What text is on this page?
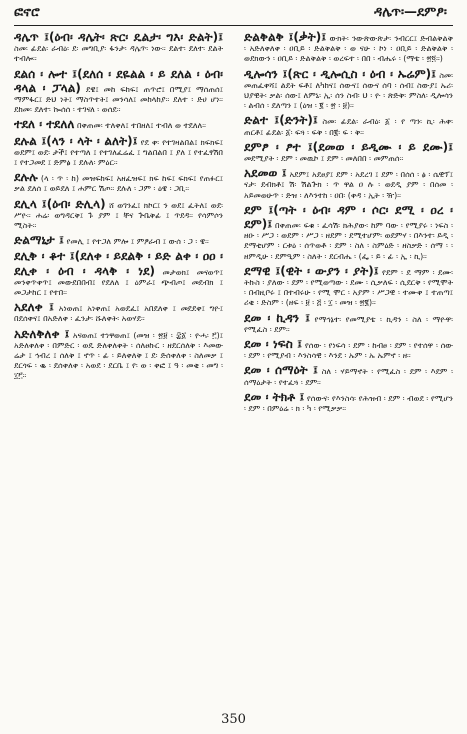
ፎኖሮ	ዳሌጥ፡—ደምፆ፡

ዳሌጥ ፤(ዕብ፡ ዳሌት፡ ጽር፡ ዴልታ፡ ግእ፡ ድልት)፤ ስመ፡ ፊደል፡ ራብዕ፡ ደ፡ መግቢያ፡ ፋንታ፡ ዳሌጥ፡ ነው። ደልተ፡ ደለተ፡ ደልት ተብሎ።

ደልሰ ፡ ሎተ ፤(ደለሰ ፡ ደዬልል ፡ ይ ደለል ፡ ዕብ፡ ዳላል ፡ ፓላል) ደዌ፤ መከ ፍከፍ፤ ጠጥሮ፤ በሚያ፤ ማሰጠሰ፤ ማምፋር፤ ድህ ነት፤ ማስጥተት፤ መንሳለ፤ መከላከያ። ደለተ ፡ ድሀ ሆነ። ደከመ፡ ደለተ፡ ኰሰሰ ፡ ተገናለ ፡ ወሰደ።

ተደለ ፡ ተደለለ በቀጠመ፡ ተለቀለ፤ ተበዘለ፤ ተብለ ወ ተደለለ።

ደሉል ፤(ላን ፡ ላት ፡ ልለት)፤ የደ ቀ፡ የተገዛልበል፤ ክፍክፍ፤ ወደም፤ ወደ፡ ታች፤ የተጣለ ፤ የተገለፈሬፈ ፤ ግልበልበ ፤ ያለ ፤ የተፈፃሽበ ፤ የተጋመደ ፤ ድምፅ ፤ ደሉለ፡ ምዕር።

ደሉሉ (ላ ፡ ጥ ፡ ከ) መዝፍከፍ፤ አዘፈዝፍ፤ ክፍ ከፍ፤ ፍክፍ፤ የጠፉር፤ ቃል ደለሰ ፤ ወይደለ ፤ ሐምር ሽጦ። ደሉለ ፡ ጋም ፡ ዕዌ ፡ ጋቢ።

ደሊላ ፤(ዕብ፡ ድሊላ) ሸ ወገንፈ፤ ክኮር፤ ን ወደ፤ ፈትለ፤ ወደ፡ ሥዮ። ሐሬ፡ ወግዳርቅ፤ ጉ ያም ፤ ቸና ጕቤቅፊ ፤ ጥደዳ። የሳምሶን ሚስት።

ድልማኒታ ፤ የመሊ ፤ የተጋለ ምሎ ፤ ምፆራብ ፤ ውሰ ፡ ጋ ፡ ዌ።

ደሊቅ ፡ ቆተ ፤(ደለቀ ፡ ይደልቅ ፡ ይድ ልቀ ፡ ዐዐ ፡ ደሊቀ ፡ ዕብ ፡ ዳላቅ ፡ ነደ) መታወክ፤ መናወጥ፤ መንቀጥቀጥ፤ መውደበበብ፤ የደለለ ፤ ዕምራ፤ ጭብጦ፤ መደብክ ፤ መጋታከር ፤ የተበ።

አደለቀ ፤ አነወጠ፤ አነቀጠ፤ አወደፈ፤ አበደለቀ ፤ መደደቀ፤ ግዮ፤ በደሰቀና፤ በአድለቀ ፡ ፈንታ፡ ሹለቀት፡ አወሃደ።

አድለቅለቀ ፤ አናወጠ፤ ተነዋወጠ፤ (መዝ ፡ ፳፱ ፡ ፰፩ ፡ ዮሓ፡ ፫)፤ አድለቀለቀ ፡ በምድር ፡ ወዴ ድለቀለቀት ፡ ሰለፀኩር ፡ ዘደርሰለቅ ፡ እመው ሬታ ፤ ኅብረ ፤ ሰለቅ ፤ ኖጥ ፡ ፊ ፡ ይለቀለቅ ፤ ደ፡ ድሰቀለቀ ፡ ስለመቃ ፤ ደርጎፍ ፡ ቈ ፡ ደሰቀለቀ ፡ አወደ ፡ ደርቤ ፤ የ፡ ወ ፡ ቀፎ ፤ ዓ ፡ መቂ ፡ መግ ፡ ፲፫።

ድልቅልቅ ፤(ቃት)፤ ውክት፡ ንውጽውጽታ፡ ንብርር፤ ድብልቅልቅ ፡ አድለቀለቀ ፡ ዐቢይ ፡ ድልቅልቅ ፡ ወ ናሁ ፡ ኮነ ፡ ዐቢይ ፡ ድልቅልቅ ፡ ወደክውን ፡ ዐቢይ ፡ ድልቅልቅ ፡ ወረፍተ ፡ በበ ፡ ብሔሩ ፡ (ማቴ ፡ ፳፬።)

ዲሎሳን ፤(ጽር ፡ ዲሎሲስ ፡ ዕብ ፡ ኡሬም)፤ ስመ፡ መጠፈቀሻ፤ ልደት ፍቶ፤ ለካከና፤ ሰውና፤ ሰውና ሰባ ፡ ሰብ፤ ስውያ፤ ኡሪ፡ ህያዊት፡ ቃል፡ ሰው፤ ለምኒ፡ ኢ፡ ሰን ስብ፡ ህ ፡ ዮ ፡ ጽድቅ፡ ምስለ፡ ዲሎሳን ፡ ልብሰ ፡ ደለጣን ፤ (ዕዝ ፡ ፪ ፡ ፳ ፡ ፱)።

ድልተ ፤(ድንት)፤ ስመ፡ ፊደል፡ ራብዕ፡ ፩ ፡ የ ጣን፡ ኪ፡ ሕቀ፡ ጠርቶ፤ ፊደል፡ ፩፡ ፍጓ ፡ ፍቅ ፡ በ፪፡ ፍ ፡ ቅ።

ደምፆ ፡ ፆተ ፤(ደመወ ፡ ይዲሙ ፡ ይ ደሙ)፤ መደሚያት ፡ ደም ፡ መዉኮ ፤ ደም ፡ መለበበ ፡ መምጠሰ።

አደመወ ፤ አደም፤ አደፀያ፤ ደም ፡ አደረገ ፤ ደም ፡ በሰሰ ፡ ፅ ፡ ሴዊፕ፤ ናታ፡ ደብክቶ፤ ሽ፡ ሽልጕክ ፡ ጥ ዋል ዐ ሉ ፡ ወደዲ ያም ፡ በሰመ ፡ አይመወሁጥ ፡ ድዝ ፡ ለእንተከ ፡ ዐበ፡ (ቀዳ ፡ ኢት ፡ ዥ)።

ደም ፤(ጣት ፡ ዕብ፡ ዳም ፡ ሶር፡ ደሚ ፡ ዐረ ፡ ደም)፤ በቀጠመ፡ ፍቁ ፡ ፈሳሽ፡ ክሕያው፡ ከም ባው ፡ የሚያሩ ፡ ነፍስ ፡ ዘዑ ፡ ሥጋ ፡ ወደም ፡ ሥጋ ፡ ዘደም ፡ ደሚተሆም፡ ወደምሃ ፡ በእንተ፡ ይዲ ፡ ደማቲሆም ፡ ርቱዕ ፡ ሰጥወቶ ፡ ደም ፡ ስለ ፡ ስምዕድ ፡ ዘስቃድ ፡ ሰማ ፡ ፡ ዘምዲሁ ፡ ደምዒም ፡ ስለት ፡ ደርብሔ ፡ (ፌ ፡ ይ ፡ ፊ ፡ ኢ ፡ ኪ)።

ደማዊ ፤(ዊት ፡ ውያን ፡ ያት)፤ የደም ፡ ደ ማም ፡ ደሙ፡ ትኩስ ፡ ያለው ፡ ደም ፡ የሚወጣው ፡ ደሙ ፡ ሲቃለፍ ፡ ሲደርቅ ፡ የሚሞት ፡ በብዚቦሩ ፤ በተብሩሁ ፡ የሚ ሞር ፡ አያም ፡ ሥጋዊ ፡ ተሙቀ ፤ ተጠጣ፤ ሪቂ ፡ ድስም ፡ (ዘፍ ፡ ፱ ፡ ፭ ፡ ፲ ፡ መዝ ፡ ፳፪)።

ደመ ፡ ኪዳን ፤ የማኅኔተ፡ የመሚያቴ ፡ ኪዳን ፡ ስለ ፡ ማዮዋ፡ የሚፈስ ፡ ደም።

ደመ ፡ ነፍስ ፤ የሰው ፡ የነፍሳ ፡ ደም ፡ ከብፀ ፡ ደም ፡ የተሰዋ ፡ ሰው ፡ ደም ፡ የሚያብ ፡ እንስሳዊ ፡ እንደ ፡ ኡም ፡ ኡ ኡምኖ ፡ ዘ።

ደመ ፡ ሰማዕት ፤ ስለ ፡ ሃይማኖት ፡ የሚፈስ ፡ ደም ፡ እደም ፡ ሰማዕታት ፡ የተፈጓ ፡ ደም።

ደመ ፡ ትክቶ ፤ የሰውና፡ የእንስሳ፡ የሕዝብ ፡ ደም ፡ ብወደ ፡ የሚሆን ፡ ደም ፡ በምዕሬ ፡ ክ ፡ ካ ፡ የሚቃቃ።

350
